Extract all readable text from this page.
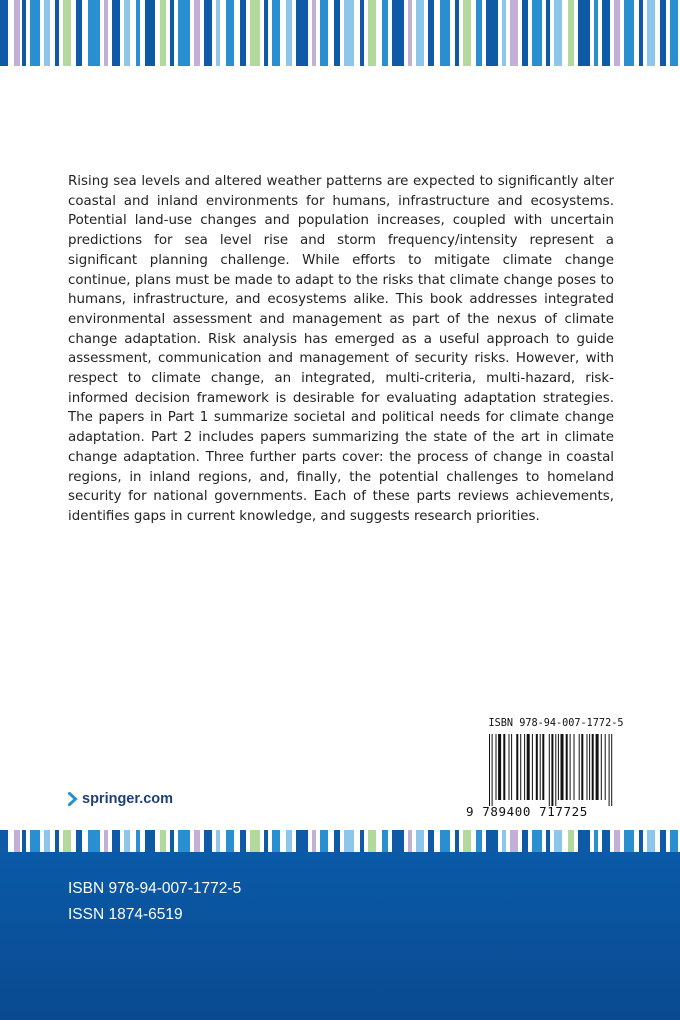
Rising sea levels and altered weather patterns are expected to significantly alter coastal and inland environments for humans, infrastructure and ecosystems. Potential land-use changes and population increases, coupled with uncertain predictions for sea level rise and storm frequency/intensity represent a significant planning challenge. While efforts to mitigate climate change continue, plans must be made to adapt to the risks that climate change poses to humans, infrastructure, and ecosystems alike. This book addresses integrated environmental assessment and management as part of the nexus of climate change adaptation. Risk analysis has emerged as a useful approach to guide assessment, communication and management of security risks. However, with respect to climate change, an integrated, multi-criteria, multi-hazard, risk-informed decision framework is desirable for evaluating adaptation strategies. The papers in Part 1 summarize societal and political needs for climate change adaptation. Part 2 includes papers summarizing the state of the art in climate change adaptation. Three further parts cover: the process of change in coastal regions, in inland regions, and, finally, the potential challenges to homeland security for national governments. Each of these parts reviews achievements, identifies gaps in current knowledge, and suggests research priorities.

ISBN 978-94-007-1772-5
9 789400 717725
springer.com
ISBN 978-94-007-1772-5
ISSN 1874-6519
